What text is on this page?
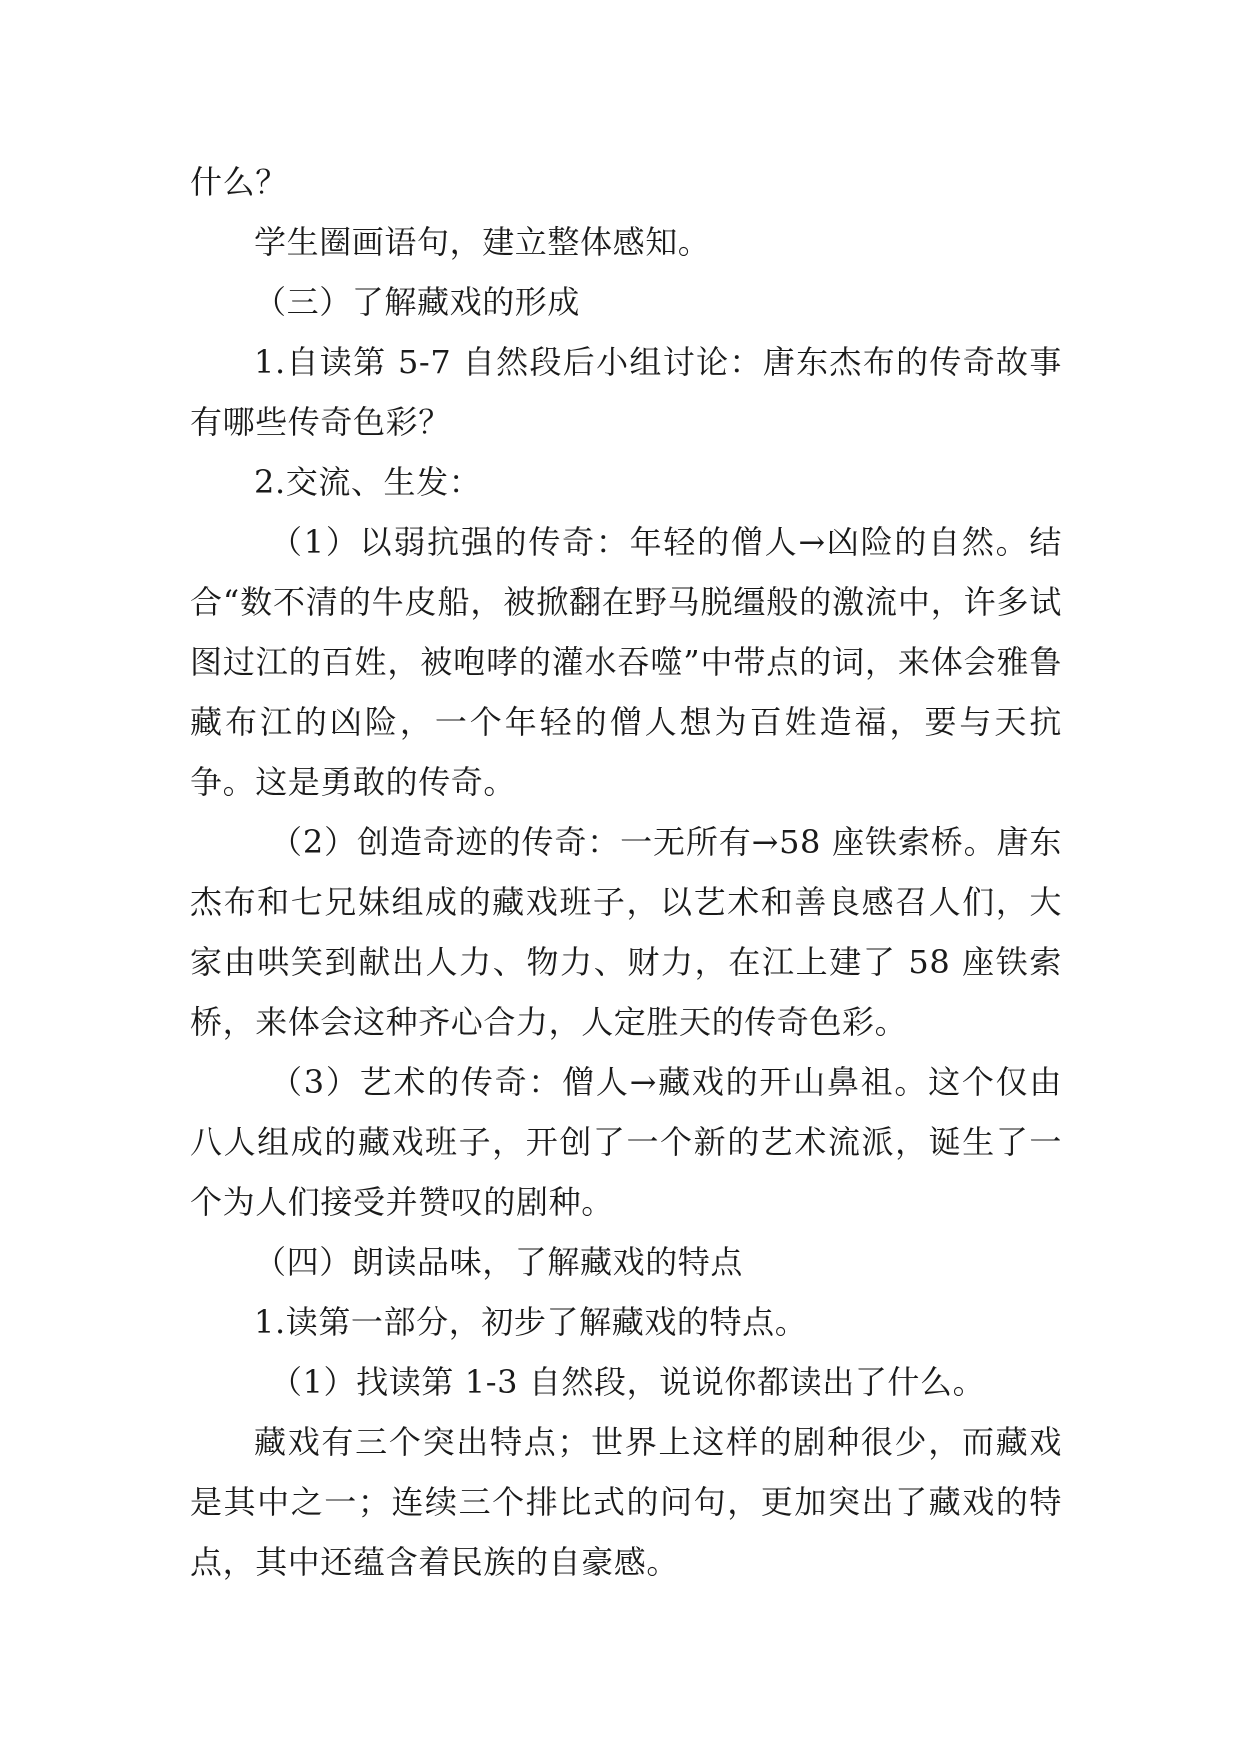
什么？

学生圈画语句，建立整体感知。

（三）了解藏戏的形成

1.自读第 5-7 自然段后小组讨论：唐东杰布的传奇故事有哪些传奇色彩？

2.交流、生发：

（1）以弱抗强的传奇：年轻的僧人→凶险的自然。结合“数不清的牛皮船，被掀翻在野马脱缰般的激流中，许多试图过江的百姓，被咆哮的灌水吞噬”中带点的词，来体会雅鲁藏布江的凶险，一个年轻的僧人想为百姓造福，要与天抗争。这是勇敢的传奇。

（2）创造奇迹的传奇：一无所有→58 座铁索桥。唐东杰布和七兄妹组成的藏戏班子，以艺术和善良感召人们，大家由哄笑到献出人力、物力、财力，在江上建了 58 座铁索桥，来体会这种齐心合力，人定胜天的传奇色彩。

（3）艺术的传奇：僧人→藏戏的开山鼻祖。这个仅由八人组成的藏戏班子，开创了一个新的艺术流派，诞生了一个为人们接受并赞叹的剧种。

（四）朗读品味，了解藏戏的特点

1.读第一部分，初步了解藏戏的特点。

（1）找读第 1-3 自然段，说说你都读出了什么。

藏戏有三个突出特点；世界上这样的剧种很少，而藏戏是其中之一；连续三个排比式的问句，更加突出了藏戏的特点，其中还蕴含着民族的自豪感。
